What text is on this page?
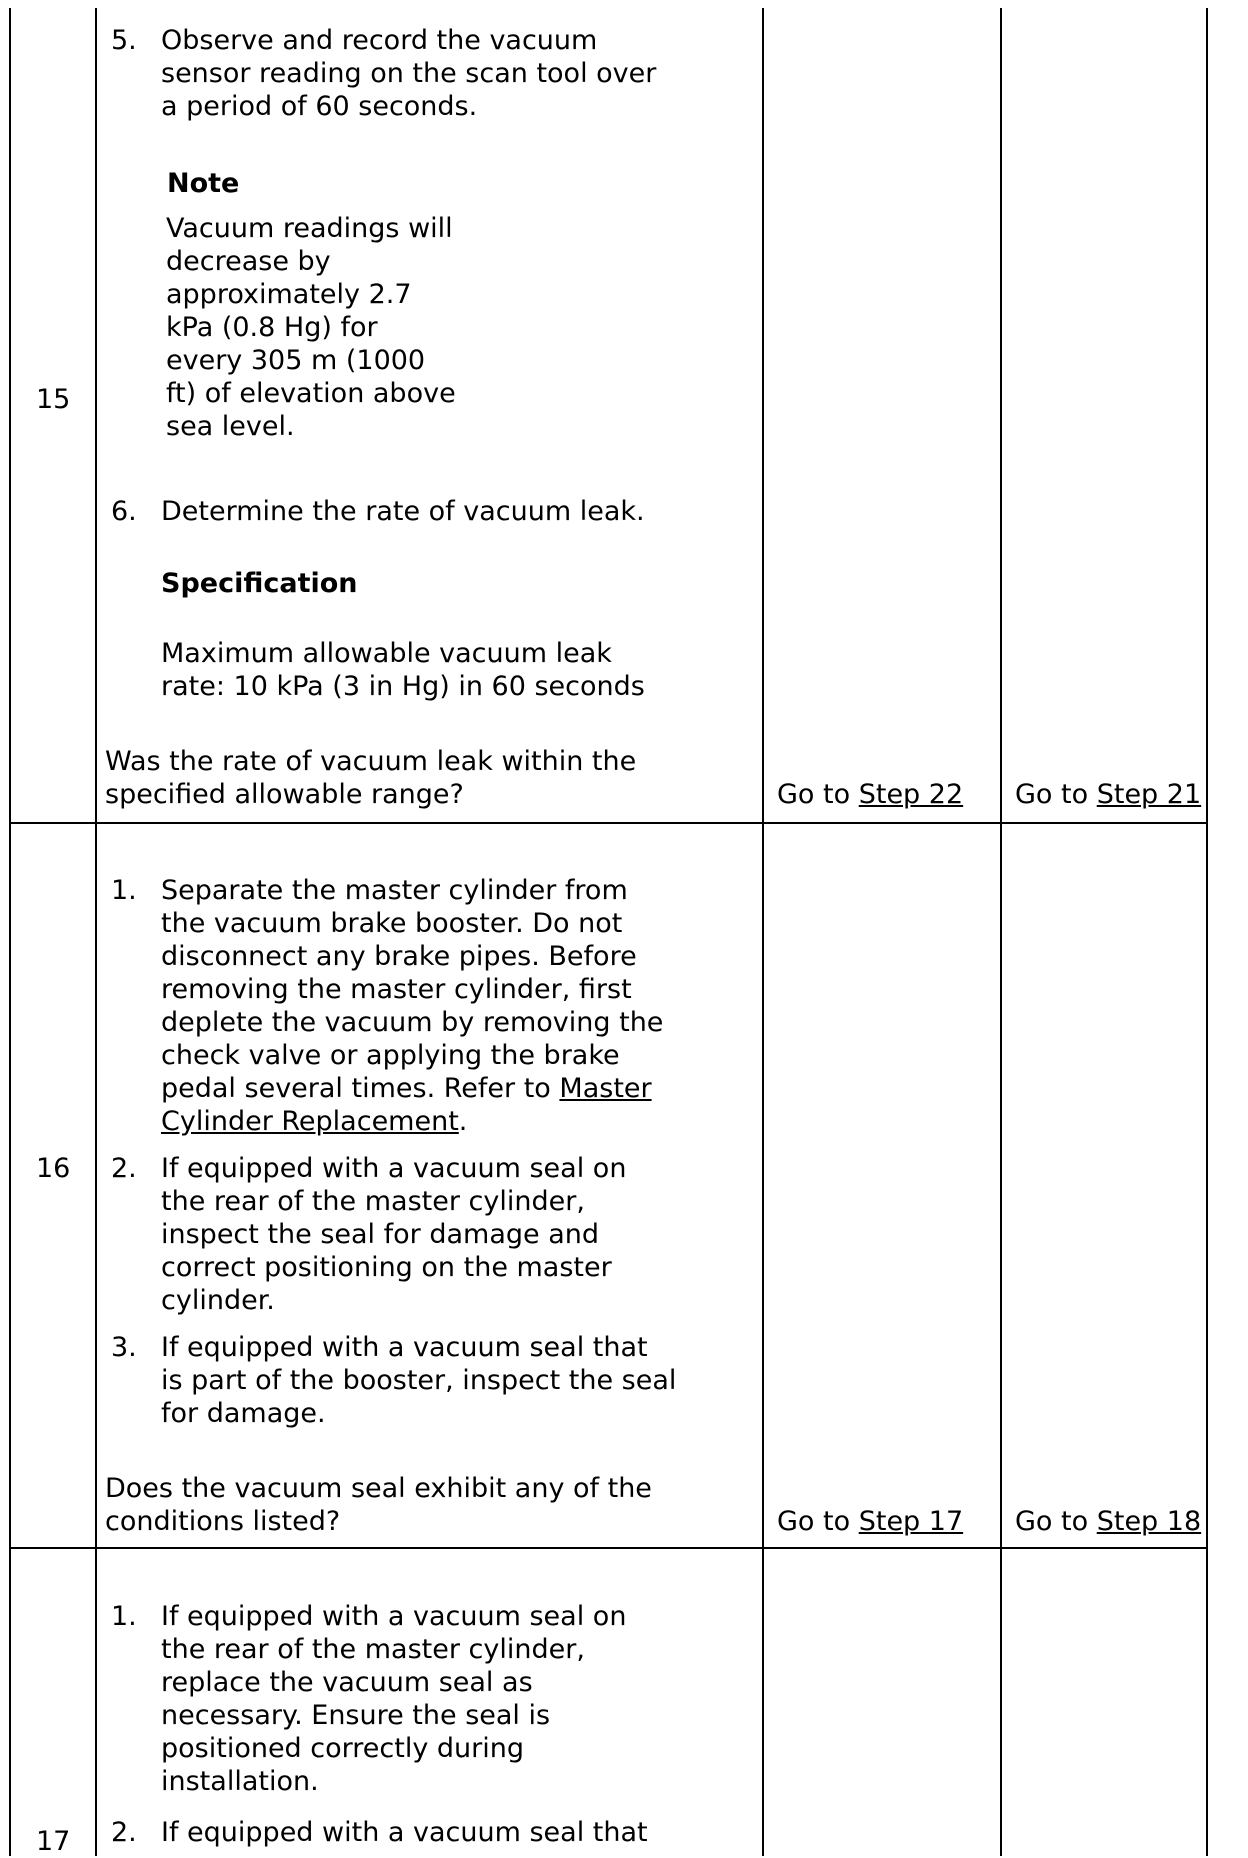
15
5. Observe and record the vacuum
sensor reading on the scan tool over
a period of 60 seconds.
Note
Vacuum readings will
decrease by
approximately 2.7
kPa (0.8 Hg) for
every 305 m (1000
ft) of elevation above
sea level.
6. Determine the rate of vacuum leak.
Specification
Maximum allowable vacuum leak
rate: 10 kPa (3 in Hg) in 60 seconds
Was the rate of vacuum leak within the
specified allowable range?	Go to Step 22 Go to Step 21
16
1. Separate the master cylinder from
the vacuum brake booster. Do not
disconnect any brake pipes. Before
removing the master cylinder, first
deplete the vacuum by removing the
check valve or applying the brake
pedal several times. Refer to Master
Cylinder Replacement.
2. If equipped with a vacuum seal on
the rear of the master cylinder,
inspect the seal for damage and
correct positioning on the master
cylinder.
3. If equipped with a vacuum seal that
is part of the booster, inspect the seal
for damage.
Does the vacuum seal exhibit any of the
conditions listed?	Go to Step 17 Go to Step 18
17
1. If equipped with a vacuum seal on
the rear of the master cylinder,
replace the vacuum seal as
necessary. Ensure the seal is
positioned correctly during
installation.
2. If equipped with a vacuum seal that
